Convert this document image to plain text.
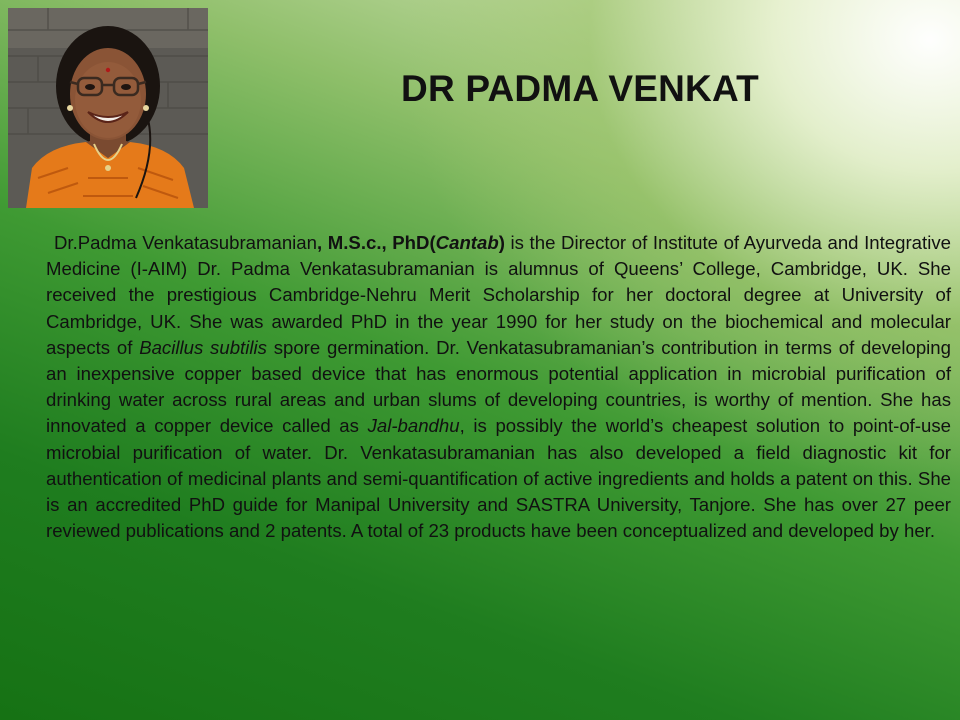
DR PADMA VENKAT

Dr.Padma Venkatasubramanian, M.S.c., PhD(Cantab) is the Director of Institute of Ayurveda and Integrative Medicine (I-AIM) Dr. Padma Venkatasubramanian is alumnus of Queens’ College, Cambridge, UK. She received the prestigious Cambridge-Nehru Merit Scholarship for her doctoral degree at University of Cambridge, UK. She was awarded PhD in the year 1990 for her study on the biochemical and molecular aspects of Bacillus subtilis spore germination. Dr. Venkatasubramanian’s contribution in terms of developing an inexpensive copper based device that has enormous potential application in microbial purification of drinking water across rural areas and urban slums of developing countries, is worthy of mention. She has innovated a copper device called as Jal-bandhu, is possibly the world’s cheapest solution to point-of-use microbial purification of water. Dr. Venkatasubramanian has also developed a field diagnostic kit for authentication of medicinal plants and semi-quantification of active ingredients and holds a patent on this. She is an accredited PhD guide for Manipal University and SASTRA University, Tanjore. She has over 27 peer reviewed publications and 2 patents. A total of 23 products have been conceptualized and developed by her.
